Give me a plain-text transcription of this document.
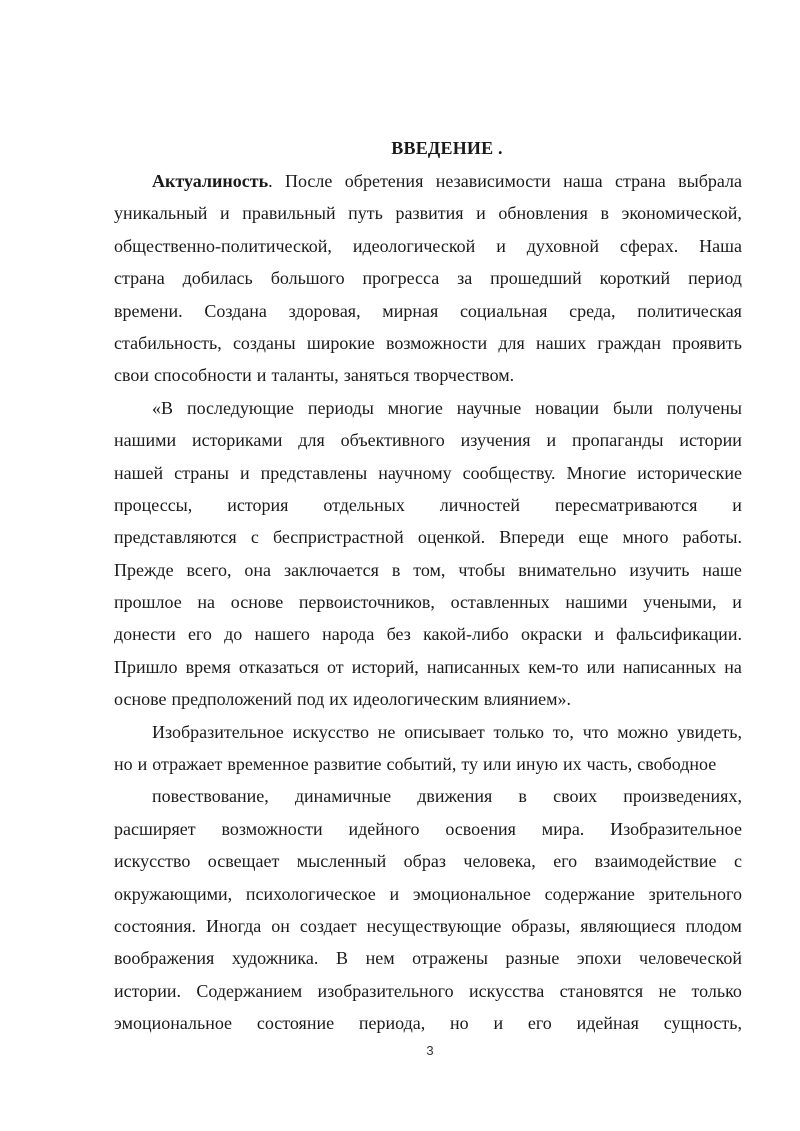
ВВЕДЕНИЕ .
Актуалиность. После обретения независимости наша страна выбрала
уникальный и правильный путь развития и обновления в экономической,
общественно-политической, идеологической и духовной сферах. Наша
страна добилась большого прогресса за прошедший короткий период
времени. Создана здоровая, мирная социальная среда, политическая
стабильность, созданы широкие возможности для наших граждан проявить
свои способности и таланты, заняться творчеством.
«В последующие периоды многие научные новации были получены
нашими историками для объективного изучения и пропаганды истории
нашей страны и представлены научному сообществу. Многие исторические
процессы, история отдельных личностей пересматриваются и
представляются с беспристрастной оценкой. Впереди еще много работы.
Прежде всего, она заключается в том, чтобы внимательно изучить наше
прошлое на основе первоисточников, оставленных нашими учеными, и
донести его до нашего народа без какой-либо окраски и фальсификации.
Пришло время отказаться от историй, написанных кем-то или написанных на
основе предположений под их идеологическим влиянием».
Изобразительное искусство не описывает только то, что можно увидеть,
но и отражает временное развитие событий, ту или иную их часть, свободное
повествование, динамичные движения в своих произведениях,
расширяет возможности идейного освоения мира. Изобразительное
искусство освещает мысленный образ человека, его взаимодействие с
окружающими, психологическое и эмоциональное содержание зрительного
состояния. Иногда он создает несуществующие образы, являющиеся плодом
воображения художника. В нем отражены разные эпохи человеческой
истории. Содержанием изобразительного искусства становятся не только
эмоциональное состояние периода, но и его идейная сущность,
3
